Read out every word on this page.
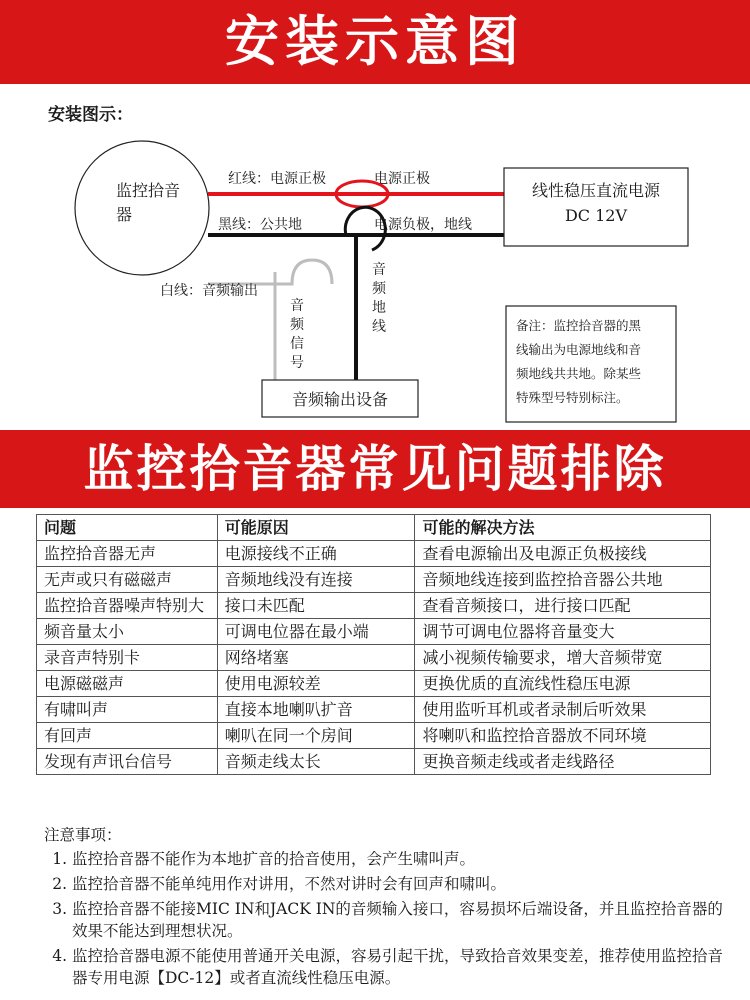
安装示意图
安装图示：
监控拾音
器
红线：电源正极	电源正极
黑线：公共地	电源负极，地线
音 频 地 线
白线：音频输出
音 频 信 号
线性稳压直流电源
DC 12V
音频输出设备
备注：监控拾音器的黑 线输出为电源地线和音 频地线共共地。除某些 特殊型号特别标注。
监控拾音器常见问题排除
问题	可能原因	可能的解决方法
监控拾音器无声	电源接线不正确	查看电源输出及电源正负极接线
无声或只有磁磁声	音频地线没有连接	音频地线连接到监控拾音器公共地
监控拾音器噪声特别大	接口未匹配	查看音频接口，进行接口匹配
频音量太小	可调电位器在最小端	调节可调电位器将音量变大
录音声特别卡	网络堵塞	减小视频传输要求，增大音频带宽
电源磁磁声	使用电源较差	更换优质的直流线性稳压电源
有啸叫声	直接本地喇叭扩音	使用监听耳机或者录制后听效果
有回声	喇叭在同一个房间	将喇叭和监控拾音器放不同环境
发现有声讯台信号	音频走线太长	更换音频走线或者走线路径
注意事项：
1. 监控拾音器不能作为本地扩音的拾音使用，会产生啸叫声。
2. 监控拾音器不能单纯用作对讲用，不然对讲时会有回声和啸叫。
3. 监控拾音器不能接MIC IN和JACK IN的音频输入接口，容易损坏后端设备，并且监控拾音器的效果不能达到理想状况。
4. 监控拾音器电源不能使用普通开关电源，容易引起干扰，导致拾音效果变差，推荐使用监控拾音器专用电源【DC-12】或者直流线性稳压电源。
